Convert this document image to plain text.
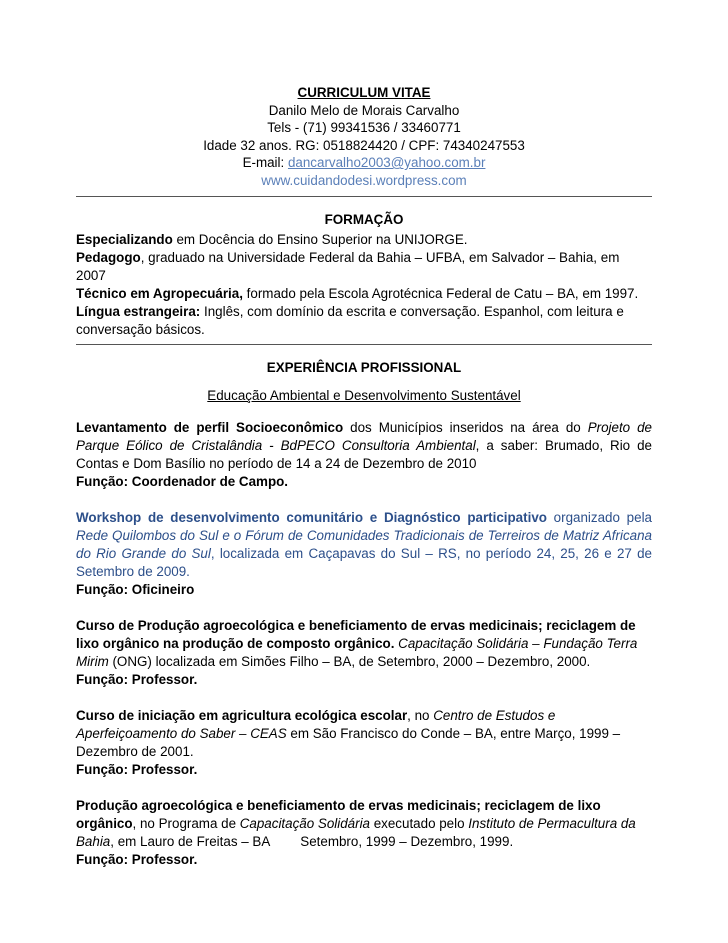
CURRICULUM VITAE
Danilo Melo de Morais Carvalho
Tels - (71) 99341536 / 33460771
Idade 32 anos. RG: 0518824420 / CPF: 74340247553
E-mail: dancarvalho2003@yahoo.com.br
www.cuidandodesi.wordpress.com
FORMAÇÃO
Especializando em Docência do Ensino Superior na UNIJORGE.
Pedagogo, graduado na Universidade Federal da Bahia – UFBA, em Salvador – Bahia, em 2007
Técnico em Agropecuária, formado pela Escola Agrotécnica Federal de Catu – BA, em 1997.
Língua estrangeira: Inglês, com domínio da escrita e conversação. Espanhol, com leitura e conversação básicos.
EXPERIÊNCIA PROFISSIONAL
Educação Ambiental e Desenvolvimento Sustentável
Levantamento de perfil Socioeconômico dos Municípios inseridos na área do Projeto de Parque Eólico de Cristalândia - BdPECO Consultoria Ambiental, a saber: Brumado, Rio de Contas e Dom Basílio no período de 14 a 24 de Dezembro de 2010
Função: Coordenador de Campo.
Workshop de desenvolvimento comunitário e Diagnóstico participativo organizado pela Rede Quilombos do Sul e o Fórum de Comunidades Tradicionais de Terreiros de Matriz Africana do Rio Grande do Sul, localizada em Caçapavas do Sul – RS, no período 24, 25, 26 e 27 de Setembro de 2009.
Função: Oficineiro
Curso de Produção agroecológica e beneficiamento de ervas medicinais; reciclagem de lixo orgânico na produção de composto orgânico. Capacitação Solidária – Fundação Terra Mirim (ONG) localizada em Simões Filho – BA, de Setembro, 2000 – Dezembro, 2000.
Função: Professor.
Curso de iniciação em agricultura ecológica escolar, no Centro de Estudos e Aperfeiçoamento do Saber – CEAS em São Francisco do Conde – BA, entre Março, 1999 – Dezembro de 2001.
Função: Professor.
Produção agroecológica e beneficiamento de ervas medicinais; reciclagem de lixo orgânico, no Programa de Capacitação Solidária executado pelo Instituto de Permacultura da Bahia, em Lauro de Freitas – BA Setembro, 1999 – Dezembro, 1999.
Função: Professor.
